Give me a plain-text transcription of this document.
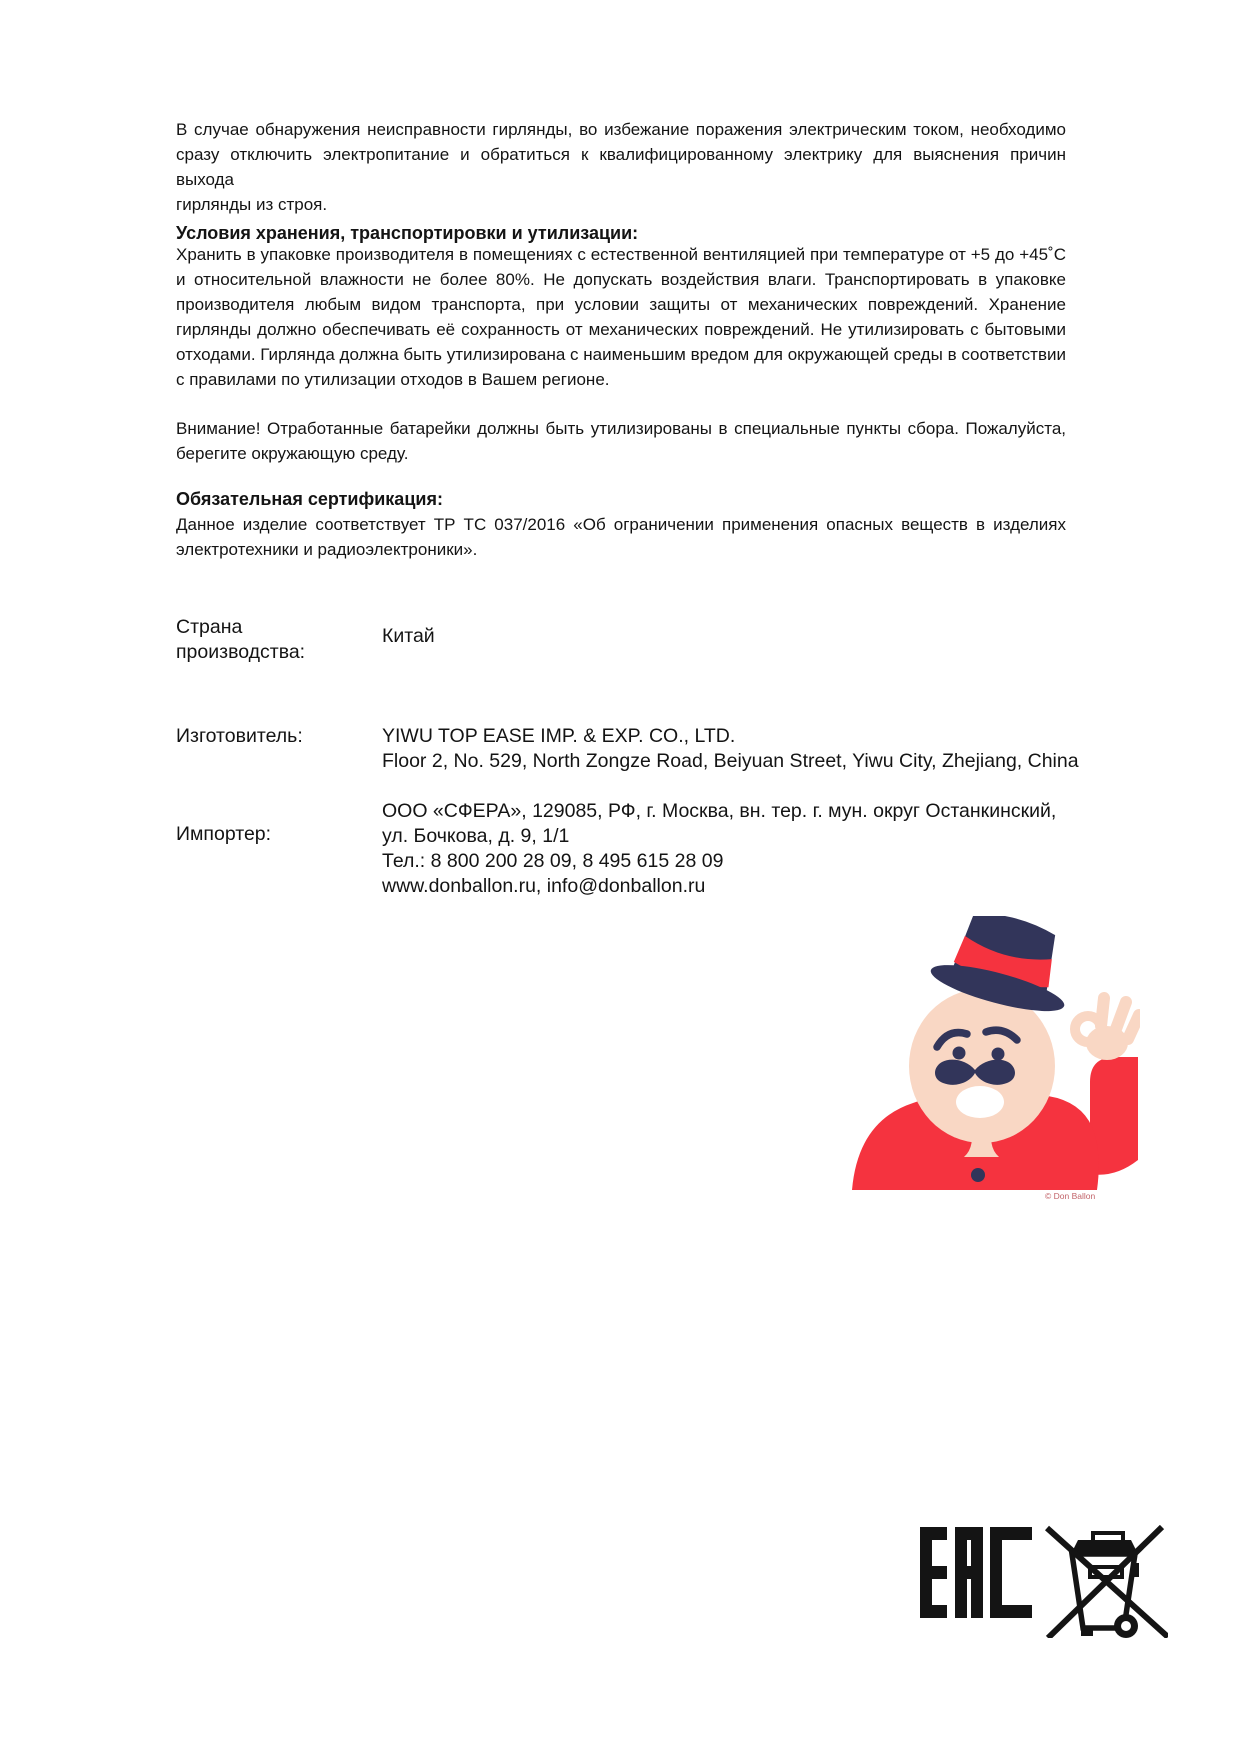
В случае обнаружения неисправности гирлянды, во избежание поражения электрическим током, необходимо
сразу отключить электропитание и обратиться к квалифицированному электрику для выяснения причин выхода
гирлянды из строя.
Условия хранения, транспортировки и утилизации:
Хранить в упаковке производителя в помещениях с естественной вентиляцией при температуре от +5 до +45˚С
и относительной влажности не более 80%. Не допускать воздействия влаги. Транспортировать в упаковке
производителя любым видом транспорта, при условии защиты от механических повреждений. Хранение
гирлянды должно обеспечивать её сохранность от механических повреждений. Не утилизировать с бытовыми
отходами. Гирлянда должна быть утилизирована с наименьшим вредом для окружающей среды в соответствии
с правилами по утилизации отходов в Вашем регионе.
Внимание! Отработанные батарейки должны быть утилизированы в специальные пункты сбора. Пожалуйста,
берегите окружающую среду.
Обязательная сертификация:
Данное изделие соответствует ТР ТС 037/2016 «Об ограничении применения опасных веществ в изделиях
электротехники и радиоэлектроники».
Страна
производства:
Китай
Изготовитель:	YIWU TOP EASE IMP. & EXP. CO., LTD.
Floor 2, No. 529, North Zongze Road, Beiyuan Street, Yiwu City, Zhejiang, China
Импортер:
ООО «СФЕРА», 129085, РФ, г. Москва, вн. тер. г. мун. округ Останкинский,
ул. Бочкова, д. 9, 1/1
Тел.: 8 800 200 28 09, 8 495 615 28 09
www.donballon.ru, info@donballon.ru
© Don Ballon
